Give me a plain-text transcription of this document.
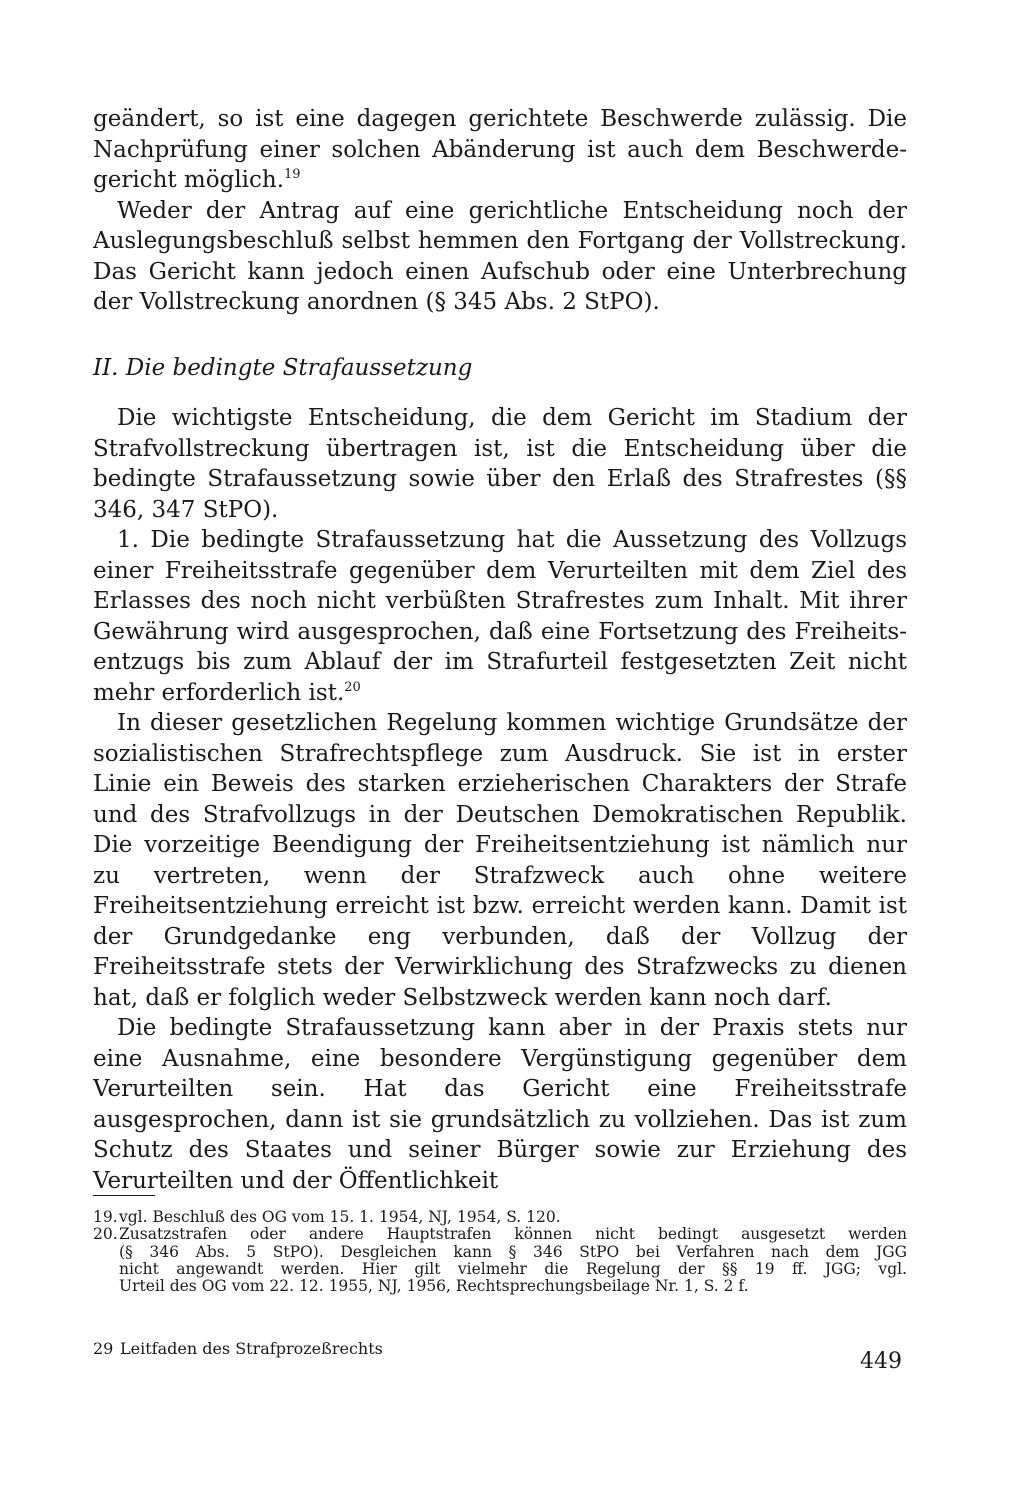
geändert, so ist eine dagegen gerichtete Beschwerde zulässig. Die Nachprüfung einer solchen Abänderung ist auch dem Beschwerdegericht möglich.$^{19}$

Weder der Antrag auf eine gerichtliche Entscheidung noch der Auslegungsbeschluß selbst hemmen den Fortgang der Vollstreckung. Das Gericht kann jedoch einen Aufschub oder eine Unterbrechung der Vollstreckung anordnen (§ 345 Abs. 2 StPO).

II. Die bedingte Strafaussetzung

Die wichtigste Entscheidung, die dem Gericht im Stadium der Strafvollstreckung übertragen ist, ist die Entscheidung über die bedingte Strafaussetzung sowie über den Erlaß des Strafrestes (§§ 346, 347 StPO).

1. Die bedingte Strafaussetzung hat die Aussetzung des Vollzugs einer Freiheitsstrafe gegenüber dem Verurteilten mit dem Ziel des Erlasses des noch nicht verbüßten Strafrestes zum Inhalt. Mit ihrer Gewährung wird ausgesprochen, daß eine Fortsetzung des Freiheitsentzugs bis zum Ablauf der im Strafurteil festgesetzten Zeit nicht mehr erforderlich ist.$^{20}$

In dieser gesetzlichen Regelung kommen wichtige Grundsätze der sozialistischen Strafrechtspflege zum Ausdruck. Sie ist in erster Linie ein Beweis des starken erzieherischen Charakters der Strafe und des Strafvollzugs in der Deutschen Demokratischen Republik. Die vorzeitige Beendigung der Freiheitsentziehung ist nämlich nur zu vertreten, wenn der Strafzweck auch ohne weitere Freiheitsentziehung erreicht ist bzw. erreicht werden kann. Damit ist der Grundgedanke eng verbunden, daß der Vollzug der Freiheitsstrafe stets der Verwirklichung des Strafzwecks zu dienen hat, daß er folglich weder Selbstzweck werden kann noch darf.

Die bedingte Strafaussetzung kann aber in der Praxis stets nur eine Ausnahme, eine besondere Vergünstigung gegenüber dem Verurteilten sein. Hat das Gericht eine Freiheitsstrafe ausgesprochen, dann ist sie grundsätzlich zu vollziehen. Das ist zum Schutz des Staates und seiner Bürger sowie zur Erziehung des Verurteilten und der Öffentlichkeit

19. vgl. Beschluß des OG vom 15. 1. 1954, NJ, 1954, S. 120.
20. Zusatzstrafen oder andere Hauptstrafen können nicht bedingt ausgesetzt werden
(§ 346 Abs. 5 StPO). Desgleichen kann § 346 StPO bei Verfahren nach dem JGG
nicht angewandt werden. Hier gilt vielmehr die Regelung der §§ 19 ff. JGG; vgl.
Urteil des OG vom 22. 12. 1955, NJ, 1956, Rechtsprechungsbeilage Nr. 1, S. 2 f.
29 Leitfaden des Strafprozeßrechts
449
